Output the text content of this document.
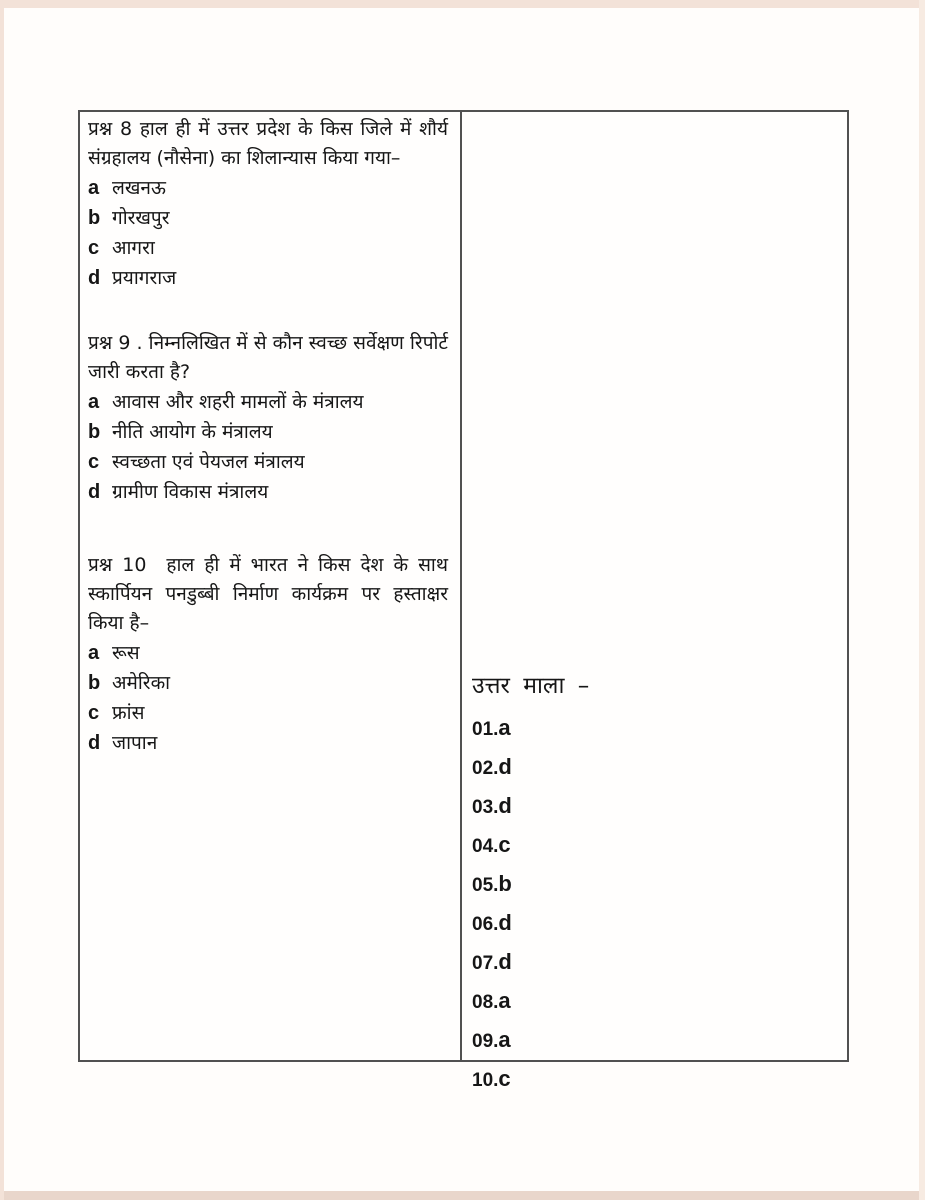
प्रश्न 8 हाल ही में उत्तर प्रदेश के किस जिले में शौर्य संग्रहालय (नौसेना) का शिलान्यास किया गया–

a लखनऊ
b गोरखपुर
c आगरा
d प्रयागराज

प्रश्न 9 . निम्नलिखित में से कौन स्वच्छ सर्वेक्षण रिपोर्ट जारी करता है?

a आवास और शहरी मामलों के मंत्रालय
b नीति आयोग के मंत्रालय
c स्वच्छता एवं पेयजल मंत्रालय
d ग्रामीण विकास मंत्रालय

प्रश्न 10 हाल ही में भारत ने किस देश के साथ स्कार्पियन पनडुब्बी निर्माण कार्यक्रम पर हस्ताक्षर किया है–

a रूस
b अमेरिका
c फ्रांस
d जापान
उत्तर माला –
01.a
02.d
03.d
04.c
05.b
06.d
07.d
08.a
09.a
10.c
